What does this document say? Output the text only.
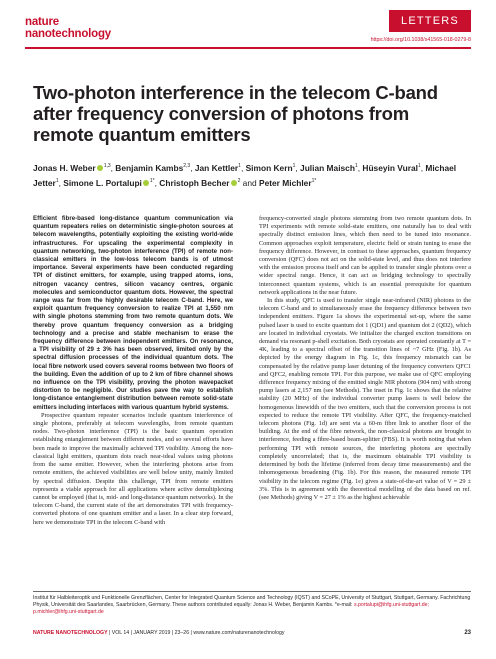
nature
nanotechnology
LETTERS
https://doi.org/10.1038/s41565-018-0279-8
Two-photon interference in the telecom C-band after frequency conversion of photons from remote quantum emitters
Jonas H. Weber $^{1,3}$, Benjamin Kambs$^{2,3}$, Jan Kettler$^1$, Simon Kern$^1$, Julian Maisch$^1$, Hüseyin Vural$^1$, Michael Jetter$^1$, Simone L. Portalupi $^{1*}$, Christoph Becher $^2$ and Peter Michler$^{1*}$

Efficient fibre-based long-distance quantum communication via quantum repeaters relies on deterministic single-photon sources at telecom wavelengths, potentially exploiting the existing world-wide infrastructures. For upscaling the experimental complexity in quantum networking, two-photon interference (TPI) of remote non-classical emitters in the low-loss telecom bands is of utmost importance. Several experiments have been conducted regarding TPI of distinct emitters, for example, using trapped atoms, ions, nitrogen vacancy centres, silicon vacancy centres, organic molecules and semiconductor quantum dots. However, the spectral range was far from the highly desirable telecom C-band. Here, we exploit quantum frequency conversion to realize TPI at 1,550 nm with single photons stemming from two remote quantum dots. We thereby prove quantum frequency conversion as a bridging technology and a precise and stable mechanism to erase the frequency difference between independent emitters. On resonance, a TPI visibility of 29 ± 3% has been observed, limited only by the spectral diffusion processes of the individual quantum dots. The local fibre network used covers several rooms between two floors of the building. Even the addition of up to 2 km of fibre channel shows no influence on the TPI visibility, proving the photon wavepacket distortion to be negligible. Our studies pave the way to establish long-distance entanglement distribution between remote solid-state emitters including interfaces with various quantum hybrid systems.

Prospective quantum repeater scenarios include quantum interference of single photons, preferably at telecom wavelengths, from remote quantum nodes. Two-photon interference (TPI) is the basic quantum operation establishing entanglement between different nodes, and so several efforts have been made to improve the maximally achieved TPI visibility. Among the non-classical light emitters, quantum dots reach near-ideal values using photons from the same emitter. However, when the interfering photons arise from remote emitters, the achieved visibilities are well below unity, mainly limited by spectral diffusion. Despite this challenge, TPI from remote emitters represents a viable approach for all applications where active demultiplexing cannot be employed (that is, mid- and long-distance quantum networks). In the telecom C-band, the current state of the art demonstrates TPI with frequency-converted photons of one quantum emitter and a laser. In a clear step forward, here we demonstrate TPI in the telecom C-band with

frequency-converted single photons stemming from two remote quantum dots. In TPI experiments with remote solid-state emitters, one naturally has to deal with spectrally distinct emission lines, which then need to be tuned into resonance. Common approaches exploit temperature, electric field or strain tuning to erase the frequency difference. However, in contrast to these approaches, quantum frequency conversion (QFC) does not act on the solid-state level, and thus does not interfere with the emission process itself and can be applied to transfer single photons over a wider spectral range. Hence, it can act as bridging technology to spectrally interconnect quantum systems, which is an essential prerequisite for quantum network applications in the near future.

In this study, QFC is used to transfer single near-infrared (NIR) photons to the telecom C-band and to simultaneously erase the frequency difference between two independent emitters. Figure 1a shows the experimental set-up, where the same pulsed laser is used to excite quantum dot 1 (QD1) and quantum dot 2 (QD2), which are located in individual cryostats. We initialize the charged exciton transitions on demand via resonant p-shell excitation. Both cryostats are operated constantly at T = 4K, leading to a spectral offset of the transition lines of ~7 GHz (Fig. 1b). As depicted by the energy diagram in Fig. 1c, this frequency mismatch can be compensated by the relative pump laser detuning of the frequency converters QFC1 and QFC2, enabling remote TPI. For this purpose, we make use of QFC employing difference frequency mixing of the emitted single NIR photons (904 nm) with strong pump lasers at 2,157 nm (see Methods). The inset in Fig. 1c shows that the relative stability (20 MHz) of the individual converter pump lasers is well below the homogeneous linewidth of the two emitters, such that the conversion process is not expected to reduce the remote TPI visibility. After QFC, the frequency-matched telecom photons (Fig. 1d) are sent via a 60-m fibre link to another floor of the building. At the end of the fibre network, the non-classical photons are brought to interference, feeding a fibre-based beam-splitter (FBS). It is worth noting that when performing TPI with remote sources, the interfering photons are spectrally completely uncorrelated; that is, the maximum obtainable TPI visibility is determined by both the lifetime (inferred from decay time measurements) and the inhomogeneous broadening (Fig. 1b). For this reason, the measured remote TPI visibility in the telecom regime (Fig. 1e) gives a state-of-the-art value of V = 29 ± 3%. This is in agreement with the theoretical modelling of the data based on ref. (see Methods) giving V = 27 ± 1% as the highest achievable

Institut für Halbleiteroptik und Funktionelle Grenzflächen, Center for Integrated Quantum Science and Technology (IQST) and SCoPE, University of Stuttgart, Stuttgart, Germany. Fachrichtung Physik, Universität des Saarlandes, Saarbrücken, Germany. These authors contributed equally: Jonas H. Weber, Benjamin Kambs. *e-mail: s.portalupi@ihfg.uni-stuttgart.de; p.michler@ihfg.uni-stuttgart.de
NATURE NANOTECHNOLOGY | VOL 14 | JANUARY 2019 | 23–26 | www.nature.com/naturenanotechnology	23
